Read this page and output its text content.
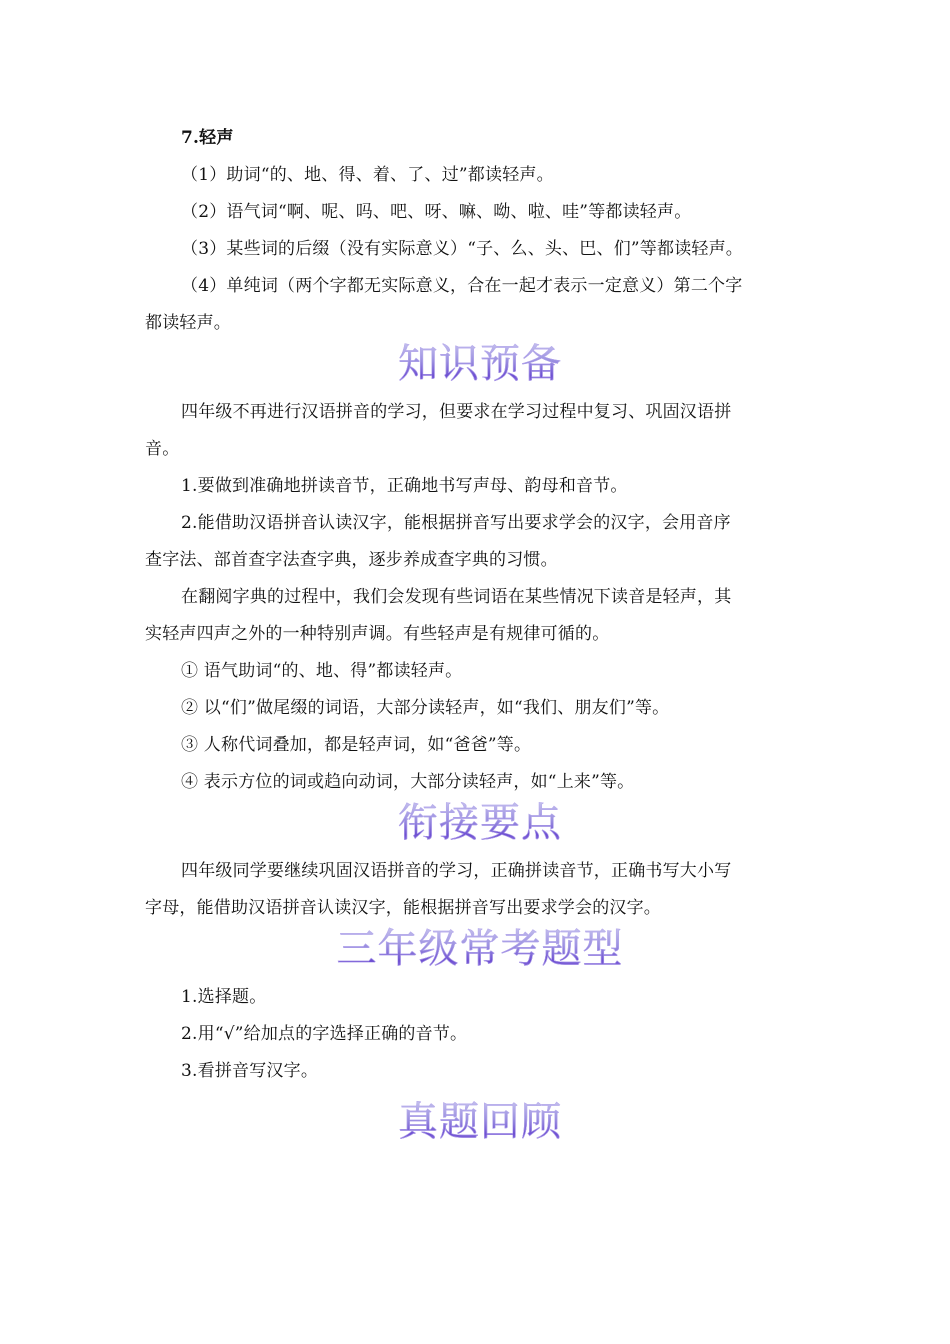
7.轻声

（1）助词“的、地、得、着、了、过”都读轻声。

（2）语气词“啊、呢、吗、吧、呀、嘛、呦、啦、哇”等都读轻声。

（3）某些词的后缀（没有实际意义）“子、么、头、巴、们”等都读轻声。

（4）单纯词（两个字都无实际意义，合在一起才表示一定意义）第二个字

都读轻声。

知识预备

四年级不再进行汉语拼音的学习，但要求在学习过程中复习、巩固汉语拼

音。

1.要做到准确地拼读音节，正确地书写声母、韵母和音节。

2.能借助汉语拼音认读汉字，能根据拼音写出要求学会的汉字，会用音序

查字法、部首查字法查字典，逐步养成查字典的习惯。

在翻阅字典的过程中，我们会发现有些词语在某些情况下读音是轻声，其

实轻声四声之外的一种特别声调。有些轻声是有规律可循的。

① 语气助词“的、地、得”都读轻声。

② 以“们”做尾缀的词语，大部分读轻声，如“我们、朋友们”等。

③ 人称代词叠加，都是轻声词，如“爸爸”等。

④ 表示方位的词或趋向动词，大部分读轻声，如“上来”等。

衔接要点

四年级同学要继续巩固汉语拼音的学习，正确拼读音节，正确书写大小写

字母，能借助汉语拼音认读汉字，能根据拼音写出要求学会的汉字。

三年级常考题型

1.选择题。

2.用“√”给加点的字选择正确的音节。

3.看拼音写汉字。

真题回顾
